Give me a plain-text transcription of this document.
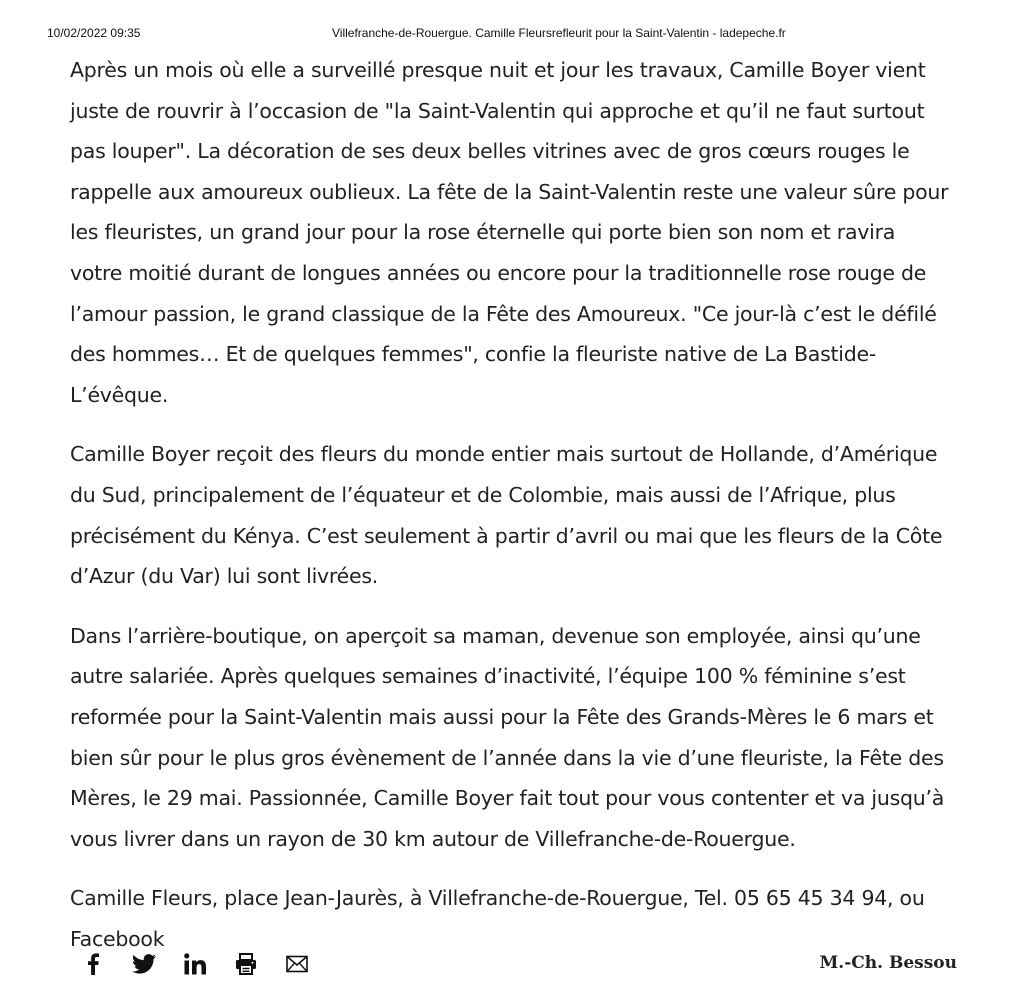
10/02/2022 09:35	Villefranche-de-Rouergue. Camille Fleursrefleurit pour la Saint-Valentin - ladepeche.fr

Après un mois où elle a surveillé presque nuit et jour les travaux, Camille Boyer vient juste de rouvrir à l’occasion de "la Saint-Valentin qui approche et qu’il ne faut surtout pas louper". La décoration de ses deux belles vitrines avec de gros cœurs rouges le rappelle aux amoureux oublieux. La fête de la Saint-Valentin reste une valeur sûre pour les fleuristes, un grand jour pour la rose éternelle qui porte bien son nom et ravira votre moitié durant de longues années ou encore pour la traditionnelle rose rouge de l’amour passion, le grand classique de la Fête des Amoureux. "Ce jour-là c’est le défilé des hommes… Et de quelques femmes", confie la fleuriste native de La Bastide-L’évêque.

Camille Boyer reçoit des fleurs du monde entier mais surtout de Hollande, d’Amérique du Sud, principalement de l’équateur et de Colombie, mais aussi de l’Afrique, plus précisément du Kénya. C’est seulement à partir d’avril ou mai que les fleurs de la Côte d’Azur (du Var) lui sont livrées.

Dans l’arrière-boutique, on aperçoit sa maman, devenue son employée, ainsi qu’une autre salariée. Après quelques semaines d’inactivité, l’équipe 100 % féminine s’est reformée pour la Saint-Valentin mais aussi pour la Fête des Grands-Mères le 6 mars et bien sûr pour le plus gros évènement de l’année dans la vie d’une fleuriste, la Fête des Mères, le 29 mai. Passionnée, Camille Boyer fait tout pour vous contenter et va jusqu’à vous livrer dans un rayon de 30 km autour de Villefranche-de-Rouergue.

Camille Fleurs, place Jean-Jaurès, à Villefranche-de-Rouergue, Tel. 05 65 45 34 94, ou Facebook

M.-Ch. Bessou
